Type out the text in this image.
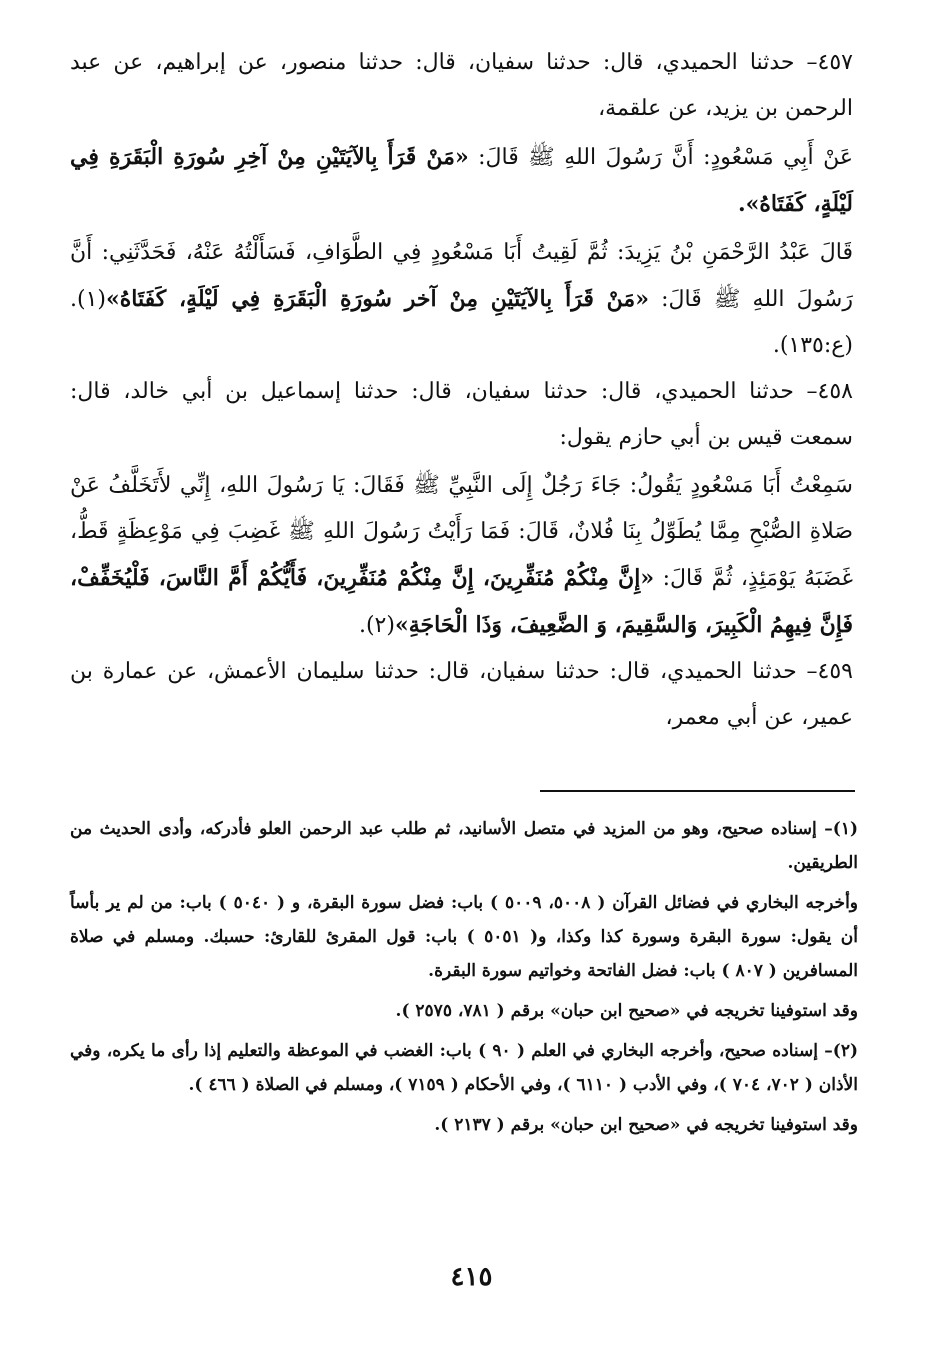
٤٥٧– حدثنا الحميدي، قال: حدثنا سفيان، قال: حدثنا منصور، عن إبراهيم، عن عبد الرحمن بن يزيد، عن علقمة،

عَنْ أَبِي مَسْعُودٍ: أَنَّ رَسُولَ اللهِ ﷺ قَالَ: «مَنْ قَرَأَ بِالآيَتَيْنِ مِنْ آخِرِ سُورَةِ الْبَقَرَةِ فِي لَيْلَةٍ، كَفَتَاهُ».

قَالَ عَبْدُ الرَّحْمَنِ بْنُ يَزِيدَ: ثُمَّ لَقِيتُ أَبَا مَسْعُودٍ فِي الطَّوَافِ، فَسَأَلْتُهُ عَنْهُ، فَحَدَّثَنِي: أَنَّ رَسُولَ اللهِ ﷺ قَالَ: «مَنْ قَرَأَ بِالآيَتَيْنِ مِنْ آخر سُورَةِ الْبَقَرَةِ فِي لَيْلَةٍ، كَفَتَاهُ»(١). (ع:١٣٥).

٤٥٨– حدثنا الحميدي، قال: حدثنا سفيان، قال: حدثنا إسماعيل بن أبي خالد، قال: سمعت قيس بن أبي حازم يقول:

سَمِعْتُ أَبَا مَسْعُودٍ يَقُولُ: جَاءَ رَجُلٌ إِلَى النَّبِيِّ ﷺ فَقَالَ: يَا رَسُولَ اللهِ، إِنِّي لأَتَخَلَّفُ عَنْ صَلاةِ الصُّبْحِ مِمَّا يُطَوِّلُ بِنَا فُلانٌ، قَالَ: فَمَا رَأَيْتُ رَسُولَ اللهِ ﷺ غَضِبَ فِي مَوْعِظَةٍ قَطُّ، غَضَبَهُ يَوْمَئِذٍ، ثُمَّ قَالَ: «إِنَّ مِنْكُمْ مُنَفِّرِينَ، إِنَّ مِنْكُمْ مُنَفِّرِينَ، فَأَيُّكُمْ أَمَّ النَّاسَ، فَلْيُخَفِّفْ، فَإِنَّ فِيهِمُ الْكَبِيرَ، وَالسَّقِيمَ، وَ الضَّعِيفَ، وَذَا الْحَاجَةِ»(٢).

٤٥٩– حدثنا الحميدي، قال: حدثنا سفيان، قال: حدثنا سليمان الأعمش، عن عمارة بن عمير، عن أبي معمر،

(١)– إسناده صحيح، وهو من المزيد في متصل الأسانيد، ثم طلب عبد الرحمن العلو فأدركه، وأدى الحديث من الطريقين.

وأخرجه البخاري في فضائل القرآن ( ٥٠٠٨، ٥٠٠٩ ) باب: فضل سورة البقرة، و ( ٥٠٤٠ ) باب: من لم ير بأساً أن يقول: سورة البقرة وسورة كذا وكذا، و( ٥٠٥١ ) باب: قول المقرئ للقارئ: حسبك. ومسلم في صلاة المسافرين ( ٨٠٧ ) باب: فضل الفاتحة وخواتيم سورة البقرة.

وقد استوفينا تخريجه في «صحيح ابن حبان» برقم ( ٧٨١، ٢٥٧٥ ).

(٢)– إسناده صحيح، وأخرجه البخاري في العلم ( ٩٠ ) باب: الغضب في الموعظة والتعليم إذا رأى ما يكره، وفي الأذان ( ٧٠٢، ٧٠٤ )، وفي الأدب ( ٦١١٠ )، وفي الأحكام ( ٧١٥٩ )، ومسلم في الصلاة ( ٤٦٦ ).

وقد استوفينا تخريجه في «صحيح ابن حبان» برقم ( ٢١٣٧ ).

٤١٥
